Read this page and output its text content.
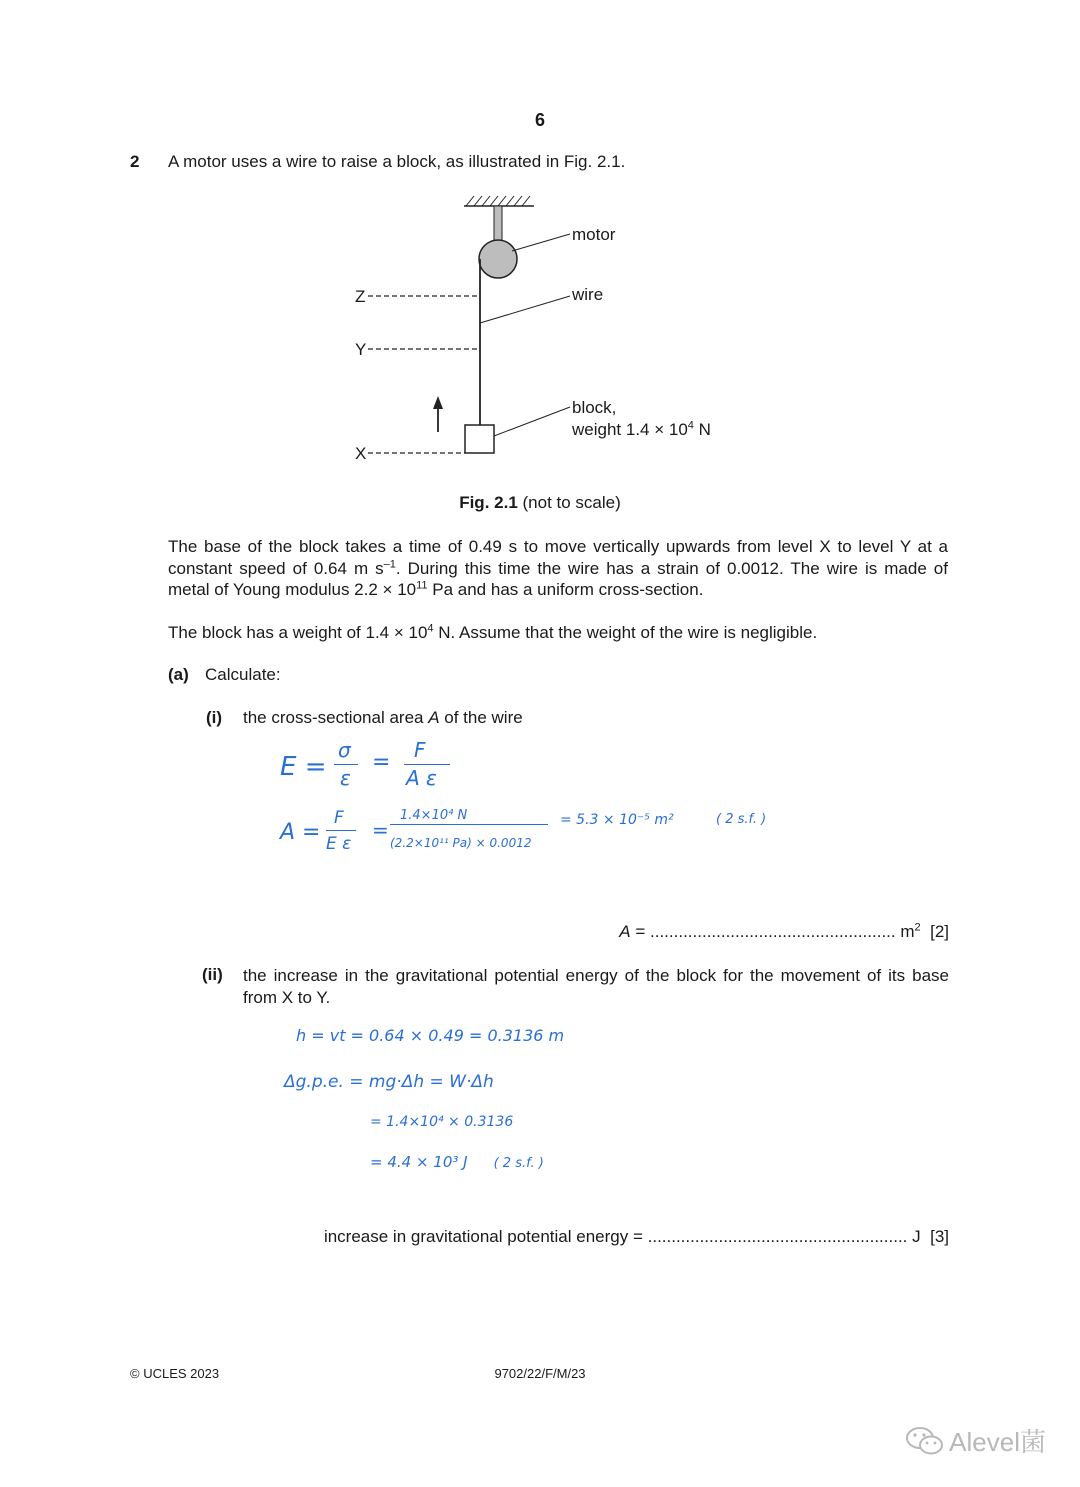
6
2 A motor uses a wire to raise a block, as illustrated in Fig. 2.1.
motor
wire
block,
weight $1.4 \times 10^4$ N
Z
Y
X
Fig. 2.1 (not to scale)
The base of the block takes a time of 0.49 s to move vertically upwards from level X to level Y at a constant speed of 0.64 m $s^{-1}$. During this time the wire has a strain of 0.0012. The wire is made of metal of Young modulus $2.2 \times 10^{11}$ Pa and has a uniform cross-section.
The block has a weight of $1.4 \times 10^4$ N. Assume that the weight of the wire is negligible.
(a) Calculate:
(i) the cross-sectional area A of the wire
E =
σ
ε
= F
A ε
A =
F
E ε
=
1.4×10⁴ N
(2.2×10¹¹ Pa) × 0.0012
= 5.3 × 10⁻⁵ m²	( 2 s.f. )
A = .................................................... $m^2$ [2]
(ii) the increase in the gravitational potential energy of the block for the movement of its base from X to Y.
h = vt = 0.64 × 0.49 = 0.3136 m
Δg.p.e. = mg·Δh = W·Δh
= 1.4×10⁴ × 0.3136
= 4.4 × 10³ J ( 2 s.f. )
increase in gravitational potential energy = ....................................................... J [3]
© UCLES 2023	9702/22/F/M/23
Alevel菌
